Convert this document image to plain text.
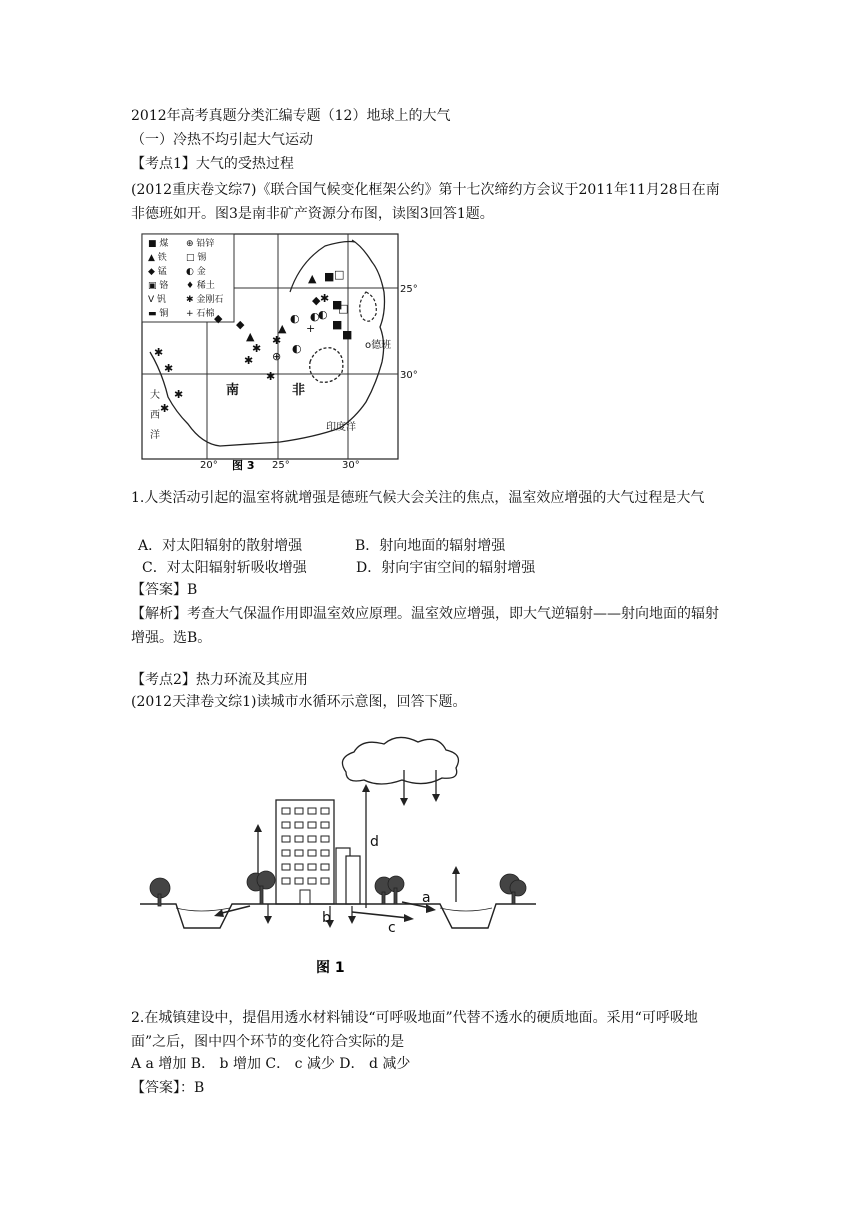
2012年高考真题分类汇编专题（12）地球上的大气
（一）冷热不均引起大气运动
【考点1】大气的受热过程
(2012重庆卷文综7)《联合国气候变化框架公约》第十七次缔约方会议于2011年11月28日在南非德班如开。图3是南非矿产资源分布图，读图3回答1题。
■ 煤 ⊕ 铅锌
▲ 铁 □ 锡
◆ 锰 ◐ 金
▣ 铬 ♦ 稀土
V 钒 ✱ 金刚石
▬ 铜 + 石棉
▲ ■ □
◆ ✱ ■
◐ ◐
◐
■
□
+ ■
◆ ◆
▲
✱
✱
▲
⊕
✱
✱
✱
✱
✱
✱
◐
南	非
大
西
洋
印度洋
o德班
25°
30°
20°	25°	30°
图 3
1.人类活动引起的温室将就增强是德班气候大会关注的焦点，温室效应增强的大气过程是大气
A．对太阳辐射的散射增强	B．射向地面的辐射增强
C．对太阳辐射斩吸收增强	D．射向宇宙空间的辐射增强
【答案】B
【解析】考查大气保温作用即温室效应原理。温室效应增强，即大气逆辐射——射向地面的辐射增强。选B。
【考点2】热力环流及其应用
(2012天津卷文综1)读城市水循环示意图，回答下题。
a
b
c
d
图 1
2.在城镇建设中，提倡用透水材料铺设“可呼吸地面”代替不透水的硬质地面。采用“可呼吸地面”之后，图中四个环节的变化符合实际的是
A a 增加 B． b 增加 C． c 减少 D． d 减少
【答案】：B
